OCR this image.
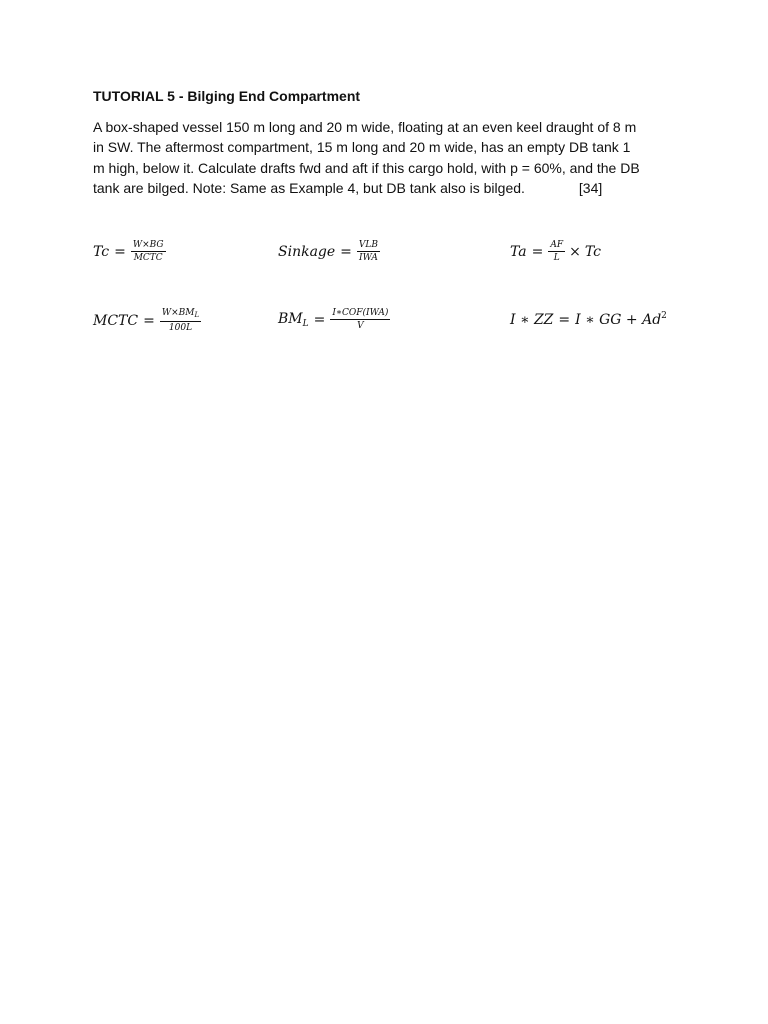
TUTORIAL 5 - Bilging End Compartment

A box-shaped vessel 150 m long and 20 m wide, floating at an even keel draught of 8 m
in SW. The aftermost compartment, 15 m long and 20 m wide, has an empty DB tank 1
m high, below it. Calculate drafts fwd and aft if this cargo hold, with p = 60%, and the DB
tank are bilged. Note: Same as Example 4, but DB tank also is bilged.	[34]

$Tc = \frac{W\times BG}{\text{MCTC}}$	Sinkage = $\frac{\text{VLB}}{\text{IWA}}$	$Ta = \frac{AF}{L} \times Tc$
MCTC = $\frac{W\times BM_L}{100L}$	$BM_L = \frac{\text{I∗COF(IWA)}}{V}$	I ∗ ZZ = I ∗ GG + $Ad^2$
